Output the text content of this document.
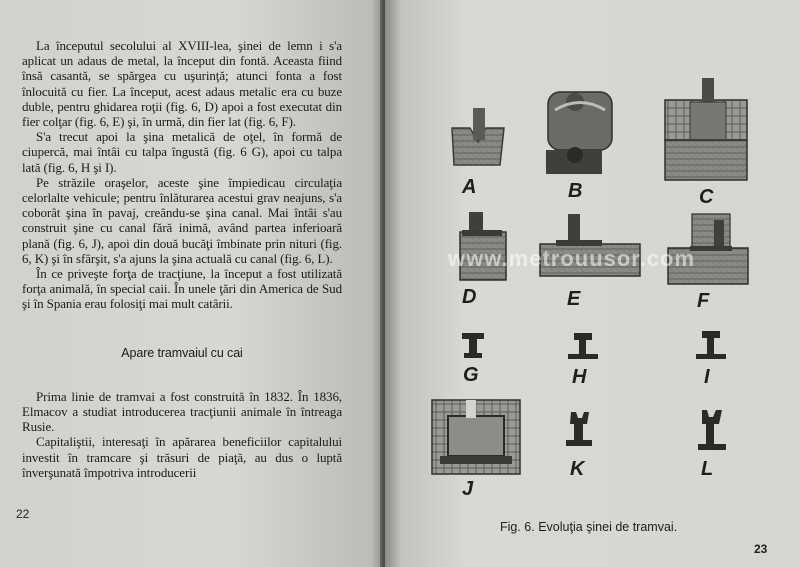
La începutul secolului al XVIII-lea, şinei de lemn i s'a aplicat un adaus de metal, la început din fontă. Aceasta fiind însă casantă, se spărgea cu uşurinţă; atunci fonta a fost înlocuită cu fier. La început, acest adaus metalic era cu buze duble, pentru ghidarea roţii (fig. 6, D) apoi a fost executat din fier colţar (fig. 6, E) şi, în urmă, din fier lat (fig. 6, F).

S'a trecut apoi la şina metalică de oţel, în formă de ciupercă, mai întâi cu talpa îngustă (fig. 6 G), apoi cu talpa lată (fig. 6, H şi I).

Pe străzile oraşelor, aceste şine împiedicau circulaţia celorlalte vehicule; pentru înlăturarea acestui grav neajuns, s'a coborât şina în pavaj, creându-se şina canal. Mai întâi s'au construit şine cu canal fără inimă, având partea inferioară plană (fig. 6, J), apoi din două bucăţi îmbinate prin nituri (fig. 6, K) şi în sfârşit, s'a ajuns la şina actuală cu canal (fig. 6, L).

În ce priveşte forţa de tracţiune, la început a fost utilizată forţa animală, în special caii. În unele ţări din America de Sud şi în Spania erau folosiţi mai mult catârii.

Apare tramvaiul cu cai

Prima linie de tramvai a fost construită în 1832. În 1836, Elmacov a studiat introducerea tracţiunii animale în întreaga Rusie.

Capitaliştii, interesaţi în apărarea beneficiilor capitalului investit în tramcare şi trăsuri de piaţă, au dus o luptă înverşunată împotriva introducerii

22
A	B	C
D	E	F
G	H	I
J
K	L
Fig. 6. Evoluţia şinei de tramvai.
23
www.metrouusor.com
